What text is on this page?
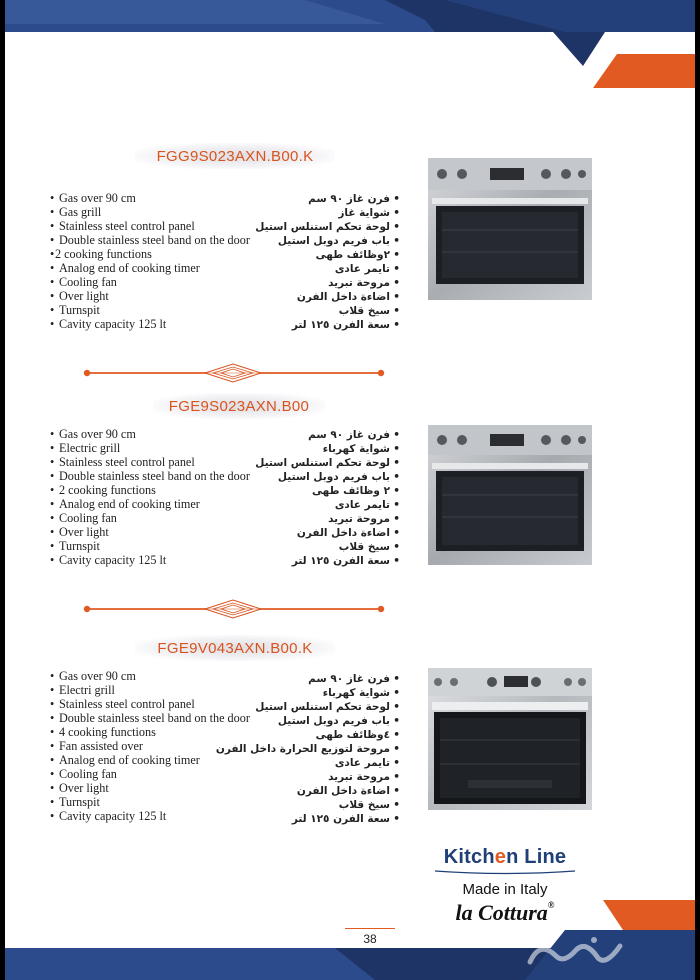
FGG9S023AXN.B00.K
• Gas over 90 cm
• Gas grill
• Stainless steel control panel
• Double stainless steel band on the door
• 2 cooking functions
• Analog end of cooking timer
• Cooling fan
• Over light
• Turnspit
• Cavity capacity 125 lt
• فرن غاز ٩٠ سم
• شواية غاز
• لوحة تحكم استنلس استيل
• باب فريم دوبل استيل
• ٢وظائف طهى
• تايمر عادى
• مروحة تبريد
• اضاءة داخل الفرن
• سيخ قلاب
• سعة الفرن ١٢٥ لتر
FGE9S023AXN.B00
• Gas over 90 cm
• Electric grill
• Stainless steel control panel
• Double stainless steel band on the door
• 2 cooking functions
• Analog end of cooking timer
• Cooling fan
• Over light
• Turnspit
• Cavity capacity 125 lt
• فرن غاز ٩٠ سم
• شواية كهرباء
• لوحة تحكم استنلس استيل
• باب فريم دوبل استيل
• ٢ وظائف طهى
• تايمر عادى
• مروحة تبريد
• اضاءة داخل الفرن
• سيخ قلاب
• سعة الفرن ١٢٥ لتر
FGE9V043AXN.B00.K
• Gas over 90 cm
• Electri grill
• Stainless steel control panel
• Double stainless steel band on the door
• 4 cooking functions
• Fan assisted over
• Analog end of cooking timer
• Cooling fan
• Over light
• Turnspit
• Cavity capacity 125 lt
• فرن غاز ٩٠ سم
• شواية كهرباء
• لوحة تحكم استنلس استيل
• باب فريم دوبل استيل
• ٤وظائف طهى
• مروحة لتوزيع الحرارة داخل الفرن
• تايمر عادى
• مروحة تبريد
• اضاءة داخل الفرن
• سيخ قلاب
• سعة الفرن ١٢٥ لتر
Kitchen Line
Made in Italy
la Cottura®
38
